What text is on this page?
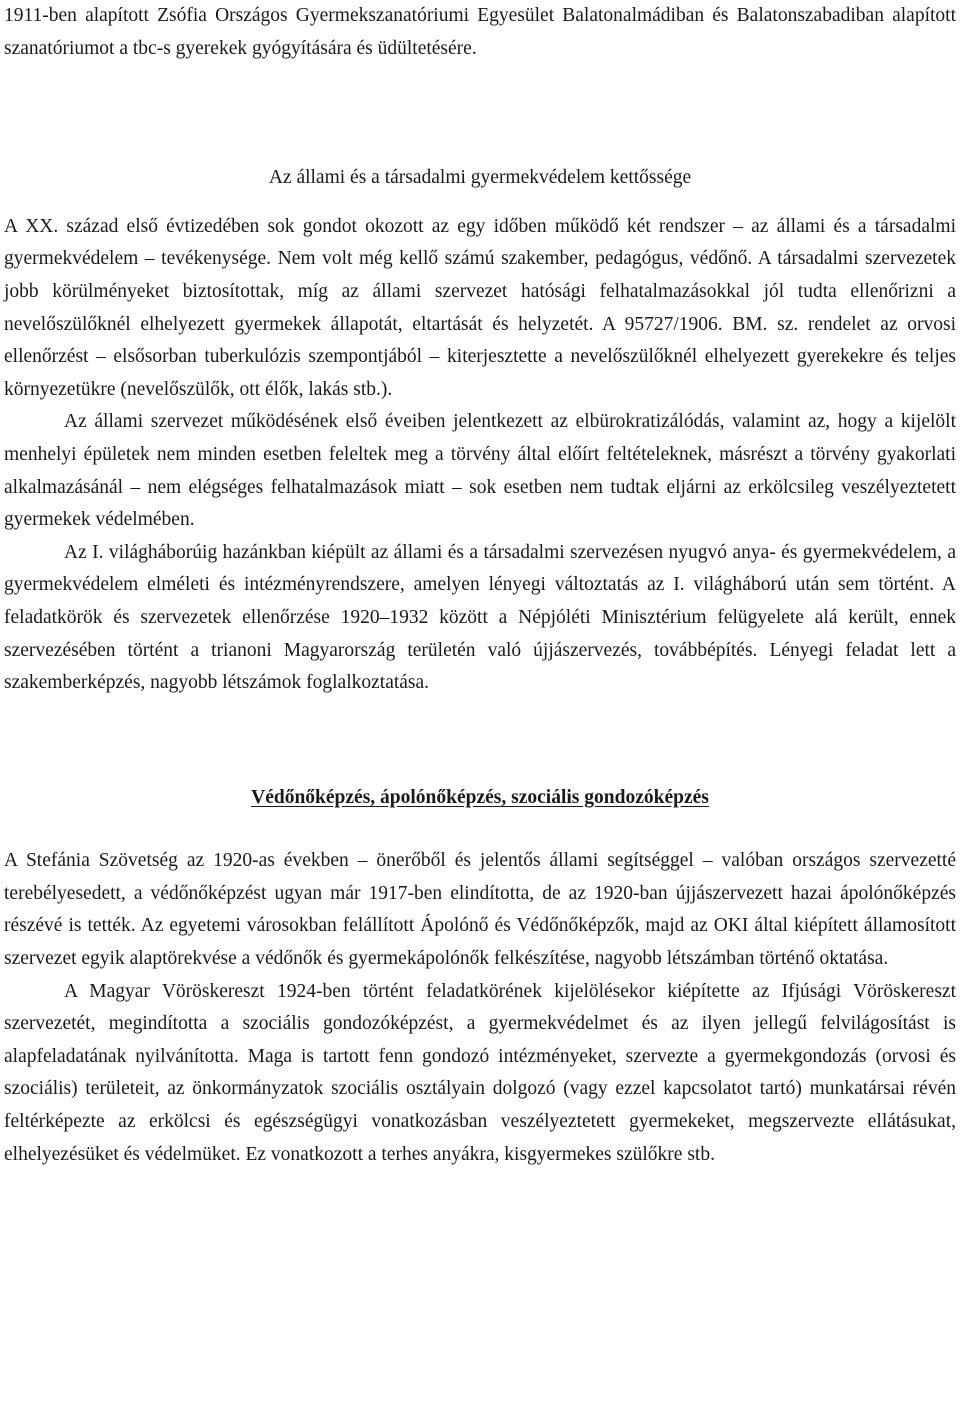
1911-ben alapított Zsófia Országos Gyermekszanatóriumi Egyesület Balatonalmádiban és Balatonszabadiban alapított szanatóriumot a tbc-s gyerekek gyógyítására és üdültetésére.

Az állami és a társadalmi gyermekvédelem kettőssége

A XX. század első évtizedében sok gondot okozott az egy időben működő két rendszer – az állami és a társadalmi gyermekvédelem – tevékenysége. Nem volt még kellő számú szakember, pedagógus, védőnő. A társadalmi szervezetek jobb körülményeket biztosítottak, míg az állami szervezet hatósági felhatalmazásokkal jól tudta ellenőrizni a nevelőszülőknél elhelyezett gyermekek állapotát, eltartását és helyzetét. A 95727/1906. BM. sz. rendelet az orvosi ellenőrzést – elsősorban tuberkulózis szempontjából – kiterjesztette a nevelőszülőknél elhelyezett gyerekekre és teljes környezetükre (nevelőszülők, ott élők, lakás stb.).

Az állami szervezet működésének első éveiben jelentkezett az elbürokratizálódás, valamint az, hogy a kijelölt menhelyi épületek nem minden esetben feleltek meg a törvény által előírt feltételeknek, másrészt a törvény gyakorlati alkalmazásánál – nem elégséges felhatalmazások miatt – sok esetben nem tudtak eljárni az erkölcsileg veszélyeztetett gyermekek védelmében.

Az I. világháborúig hazánkban kiépült az állami és a társadalmi szervezésen nyugvó anya- és gyermekvédelem, a gyermekvédelem elméleti és intézményrendszere, amelyen lényegi változtatás az I. világháború után sem történt. A feladatkörök és szervezetek ellenőrzése 1920–1932 között a Népjóléti Minisztérium felügyelete alá került, ennek szervezésében történt a trianoni Magyarország területén való újjászervezés, továbbépítés. Lényegi feladat lett a szakemberképzés, nagyobb létszámok foglalkoztatása.

Védőnőképzés, ápolónőképzés, szociális gondozóképzés

A Stefánia Szövetség az 1920-as években – önerőből és jelentős állami segítséggel – valóban országos szervezetté terebélyesedett, a védőnőképzést ugyan már 1917-ben elindította, de az 1920-ban újjászervezett hazai ápolónőképzés részévé is tették. Az egyetemi városokban felállított Ápolónő és Védőnőképzők, majd az OKI által kiépített államosított szervezet egyik alaptörekvése a védőnők és gyermekápolónők felkészítése, nagyobb létszámban történő oktatása.

A Magyar Vöröskereszt 1924-ben történt feladatkörének kijelölésekor kiépítette az Ifjúsági Vöröskereszt szervezetét, megindította a szociális gondozóképzést, a gyermekvédelmet és az ilyen jellegű felvilágosítást is alapfeladatának nyilvánította. Maga is tartott fenn gondozó intézményeket, szervezte a gyermekgondozás (orvosi és szociális) területeit, az önkormányzatok szociális osztályain dolgozó (vagy ezzel kapcsolatot tartó) munkatársai révén feltérképezte az erkölcsi és egészségügyi vonatkozásban veszélyeztetett gyermekeket, megszervezte ellátásukat, elhelyezésüket és védelmüket. Ez vonatkozott a terhes anyákra, kisgyermekes szülőkre stb.
